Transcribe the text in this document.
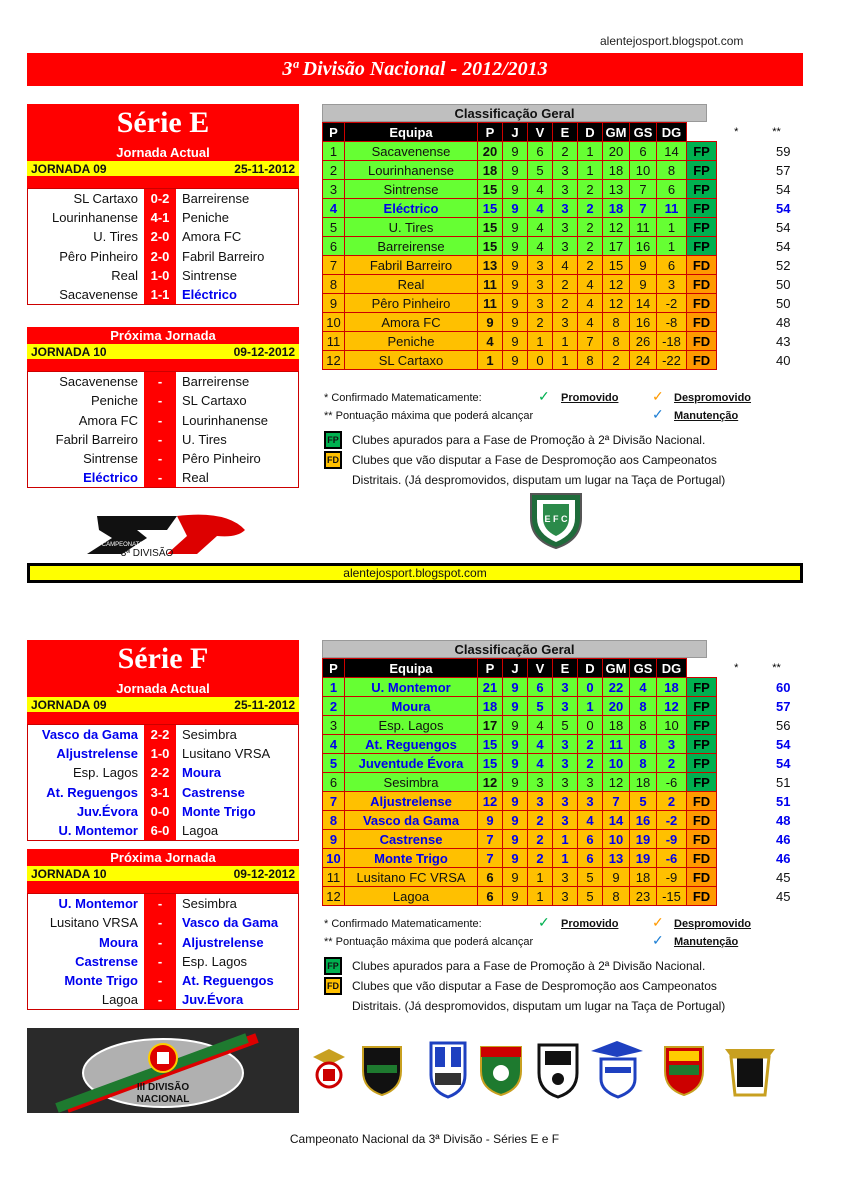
alentejosport.blogspot.com
3ª Divisão Nacional - 2012/2013
Série E
Jornada Actual
JORNADA 09	25-11-2012
SL Cartaxo 0-2 Barreirense
Lourinhanense 4-1 Peniche
U. Tires 2-0 Amora FC
Pêro Pinheiro 2-0 Fabril Barreiro
Real 1-0 Sintrense
Sacavenense 1-1 Eléctrico
Próxima Jornada
JORNADA 10	09-12-2012
Sacavenense	-	Barreirense
Peniche	-	SL Cartaxo
Amora FC	-	Lourinhanense
Fabril Barreiro	-	U. Tires
Sintrense	-	Pêro Pinheiro
Eléctrico	-	Real
CAMPEONATO NACIONAL
3ª DIVISÃO
Classificação Geral
P	Equipa	P	J	V	E	D	GM	GS	DG		*	**
1	Sacavenense	20	9	6	2	1	20	6	14	FP		59
2	Lourinhanense	18	9	5	3	1	18	10	8	FP		57
3	Sintrense	15	9	4	3	2	13	7	6	FP		54
4	Eléctrico	15	9	4	3	2	18	7	11	FP		54
5	U. Tires	15	9	4	3	2	12	11	1	FP		54
6	Barreirense	15	9	4	3	2	17	16	1	FP		54
7	Fabril Barreiro	13	9	3	4	2	15	9	6	FD		52
8	Real	11	9	3	2	4	12	9	3	FD		50
9	Pêro Pinheiro	11	9	3	2	4	12	14	-2	FD		50
10	Amora FC	9	9	2	3	4	8	16	-8	FD		48
11	Peniche	4	9	1	1	7	8	26	-18	FD		43
12	SL Cartaxo	1	9	0	1	8	2	24	-22	FD		40
* Confirmado Matematicamente:	✓ Promovido ✓ Despromovido
** Pontuação máxima que poderá alcançar	✓ Manutenção
FP Clubes apurados para a Fase de Promoção à 2ª Divisão Nacional.
FD Clubes que vão disputar a Fase de Despromoção aos Campeonatos
Distritais. (Já despromovidos, disputam um lugar na Taça de Portugal)
E F C
alentejosport.blogspot.com
Série F
Jornada Actual
JORNADA 09	25-11-2012
Vasco da Gama 2-2 Sesimbra
Aljustrelense 1-0 Lusitano VRSA
Esp. Lagos 2-2 Moura
At. Reguengos 3-1 Castrense
Juv.Évora 0-0 Monte Trigo
U. Montemor 6-0 Lagoa
Próxima Jornada
JORNADA 10	09-12-2012
U. Montemor	-	Sesimbra
Lusitano VRSA	-	Vasco da Gama
Moura	-	Aljustrelense
Castrense	-	Esp. Lagos
Monte Trigo	-	At. Reguengos
Lagoa	-	Juv.Évora
III DIVISÃO
NACIONAL
Classificação Geral
P	Equipa	P	J	V	E	D	GM	GS	DG		*	**
1	U. Montemor	21	9	6	3	0	22	4	18	FP		60
2	Moura	18	9	5	3	1	20	8	12	FP		57
3	Esp. Lagos	17	9	4	5	0	18	8	10	FP		56
4	At. Reguengos	15	9	4	3	2	11	8	3	FP		54
5	Juventude Évora	15	9	4	3	2	10	8	2	FP		54
6	Sesimbra	12	9	3	3	3	12	18	-6	FP		51
7	Aljustrelense	12	9	3	3	3	7	5	2	FD		51
8	Vasco da Gama	9	9	2	3	4	14	16	-2	FD		48
9	Castrense	7	9	2	1	6	10	19	-9	FD		46
10	Monte Trigo	7	9	2	1	6	13	19	-6	FD		46
11	Lusitano FC VRSA	6	9	1	3	5	9	18	-9	FD		45
12	Lagoa	6	9	1	3	5	8	23	-15	FD		45
* Confirmado Matematicamente:	✓ Promovido ✓ Despromovido
** Pontuação máxima que poderá alcançar	✓ Manutenção
FP Clubes apurados para a Fase de Promoção à 2ª Divisão Nacional.
FD Clubes que vão disputar a Fase de Despromoção aos Campeonatos
Distritais. (Já despromovidos, disputam um lugar na Taça de Portugal)
Campeonato Nacional da 3ª Divisão - Séries E e F
